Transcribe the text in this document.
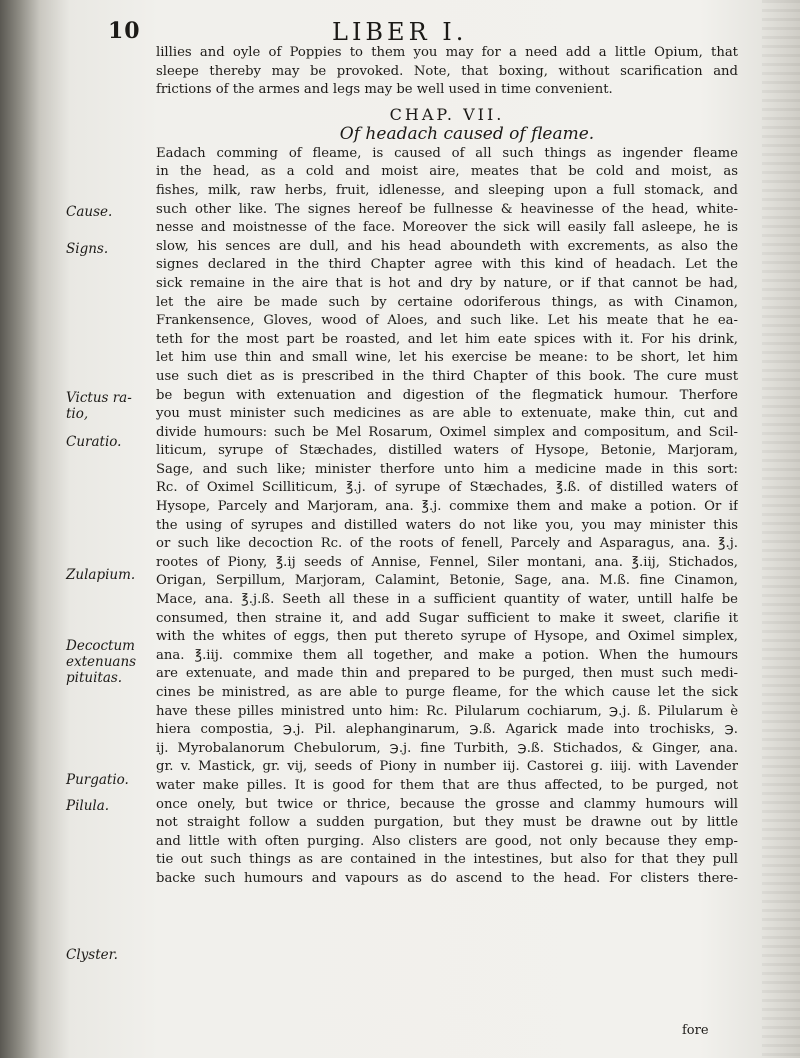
10	LIBER I.
lillies and oyle of Poppies to them you may for a need add a little Opium, that
sleepe thereby may be provoked. Note, that boxing, without scarification and
frictions of the armes and legs may be well used in time convenient.
CHAP. VII.
Of headach caused of fleame.
Eadach comming of fleame, is caused of all such things as ingender fleame
in the head, as a cold and moist aire, meates that be cold and moist, as
fishes, milk, raw herbs, fruit, idlenesse, and sleeping upon a full stomack, and
such other like. The signes hereof be fullnesse & heavinesse of the head, white-
nesse and moistnesse of the face. Moreover the sick will easily fall asleepe, he is
slow, his sences are dull, and his head aboundeth with excrements, as also the
signes declared in the third Chapter agree with this kind of headach. Let the
sick remaine in the aire that is hot and dry by nature, or if that cannot be had,
let the aire be made such by certaine odoriferous things, as with Cinamon,
Frankensence, Gloves, wood of Aloes, and such like. Let his meate that he ea-
teth for the most part be roasted, and let him eate spices with it. For his drink,
let him use thin and small wine, let his exercise be meane: to be short, let him
use such diet as is prescribed in the third Chapter of this book. The cure must
be begun with extenuation and digestion of the flegmatick humour. Therfore
you must minister such medicines as are able to extenuate, make thin, cut and
divide humours: such be Mel Rosarum, Oximel simplex and compositum, and Scil-
liticum, syrupe of Stæchades, distilled waters of Hysope, Betonie, Marjoram,
Sage, and such like; minister therfore unto him a medicine made in this sort:
Rc. of Oximel Scilliticum, ℥.j. of syrupe of Stæchades, ℥.ß. of distilled waters of
Hysope, Parcely and Marjoram, ana. ℥.j. commixe them and make a potion. Or if
the using of syrupes and distilled waters do not like you, you may minister this
or such like decoction Rc. of the roots of fenell, Parcely and Asparagus, ana. ℥.j.
rootes of Piony, ℥.ij seeds of Annise, Fennel, Siler montani, ana. ℥.iij, Stichados,
Origan, Serpillum, Marjoram, Calamint, Betonie, Sage, ana. M.ß. fine Cinamon,
Mace, ana. ℥.j.ß. Seeth all these in a sufficient quantity of water, untill halfe be
consumed, then straine it, and add Sugar sufficient to make it sweet, clarifie it
with the whites of eggs, then put thereto syrupe of Hysope, and Oximel simplex,
ana. ℥.iij. commixe them all together, and make a potion. When the humours
are extenuate, and made thin and prepared to be purged, then must such medi-
cines be ministred, as are able to purge fleame, for the which cause let the sick
have these pilles ministred unto him: Rc. Pilularum cochiarum, ℈.j. ß. Pilularum è
hiera compostia, ℈.j. Pil. alephanginarum, ℈.ß. Agarick made into trochisks, ℈.
ij. Myrobalanorum Chebulorum, ℈.j. fine Turbith, ℈.ß. Stichados, & Ginger, ana.
gr. v. Mastick, gr. vij, seeds of Piony in number iij. Castorei g. iiij. with Lavender
water make pilles. It is good for them that are thus affected, to be purged, not
once onely, but twice or thrice, because the grosse and clammy humours will
not straight follow a sudden purgation, but they must be drawne out by little
and little with often purging. Also clisters are good, not only because they emp-
tie out such things as are contained in the intestines, but also for that they pull
backe such humours and vapours as do ascend to the head. For clisters there-
fore
Cause.
Signs.
Victus ra-
tio,
Curatio.
Zulapium.
Decoctum
extenuans
pituitas.
Purgatio.
Pilula.
Clyster.
